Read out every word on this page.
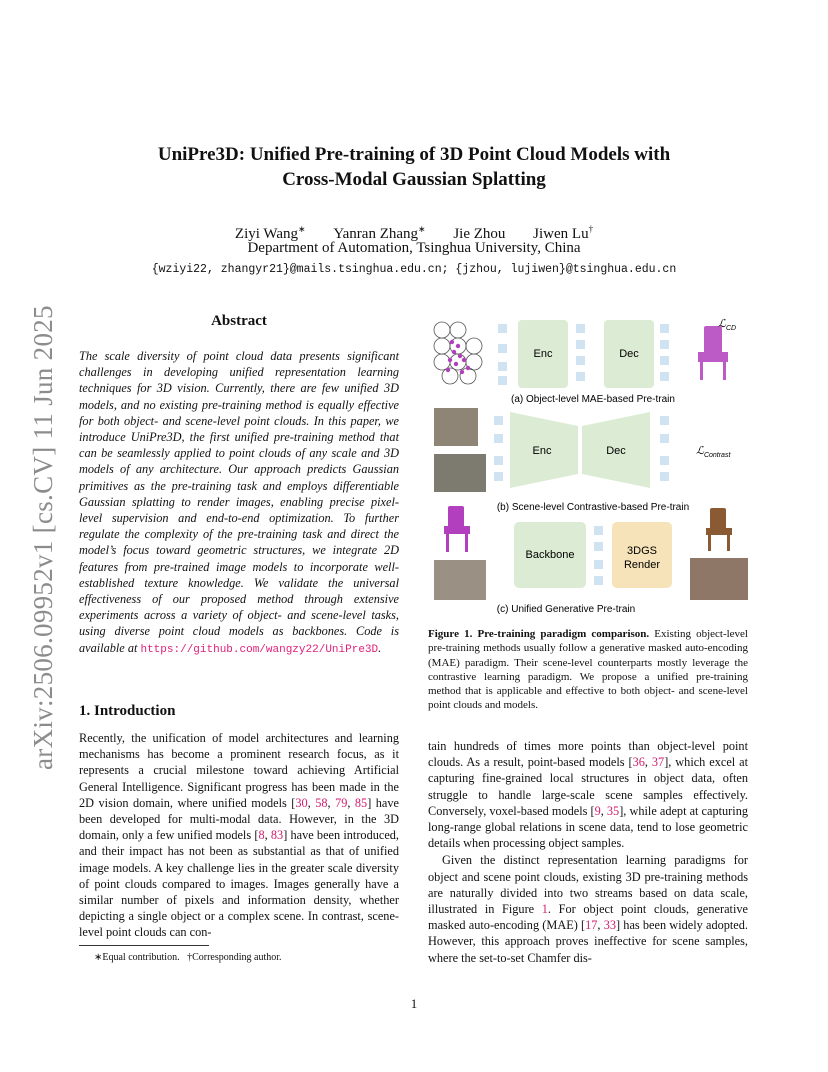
UniPre3D: Unified Pre-training of 3D Point Cloud Models with
Cross-Modal Gaussian Splatting
Ziyi Wang∗ Yanran Zhang∗ Jie Zhou Jiwen Lu†
Department of Automation, Tsinghua University, China
{wziyi22, zhangyr21}@mails.tsinghua.edu.cn; {jzhou, lujiwen}@tsinghua.edu.cn
arXiv:2506.09952v1 [cs.CV] 11 Jun 2025	Abstract
The scale diversity of point cloud data presents significant challenges in developing unified representation learning techniques for 3D vision. Currently, there are few unified 3D models, and no existing pre-training method is equally effective for both object- and scene-level point clouds. In this paper, we introduce UniPre3D, the first unified pre-training method that can be seamlessly applied to point clouds of any scale and 3D models of any architecture. Our approach predicts Gaussian primitives as the pre-training task and employs differentiable Gaussian splatting to render images, enabling precise pixel-level supervision and end-to-end optimization. To further regulate the complexity of the pre-training task and direct the model’s focus toward geometric structures, we integrate 2D features from pre-trained image models to incorporate well-established texture knowledge. We validate the universal effectiveness of our proposed method through extensive experiments across a variety of object- and scene-level tasks, using diverse point cloud models as backbones. Code is available at https://github.com/wangzy22/UniPre3D.
1. Introduction
Recently, the unification of model architectures and learning mechanisms has become a prominent research focus, as it represents a crucial milestone toward achieving Artificial General Intelligence. Significant progress has been made in the 2D vision domain, where unified models [30, 58, 79, 85] have been developed for multi-modal data. However, in the 3D domain, only a few unified models [8, 83] have been introduced, and their impact has not been as substantial as that of unified image models. A key challenge lies in the greater scale diversity of point clouds compared to images. Images generally have a similar number of pixels and information density, whether depicting a single object or a complex scene. In contrast, scene-level point clouds can con-
∗Equal contribution. †Corresponding author.
Enc	Dec
ℒ$_{CD}$
(a) Object-level MAE-based Pre-train
Enc	Dec	ℒ$_{Contrast}$
(b) Scene-level Contrastive-based Pre-train
Backbone	3DGS
Render
(c) Unified Generative Pre-train
Figure 1. Pre-training paradigm comparison. Existing object-level pre-training methods usually follow a generative masked auto-encoding (MAE) paradigm. Their scene-level counterparts mostly leverage the contrastive learning paradigm. We propose a unified pre-training method that is applicable and effective to both object- and scene-level point clouds and models.

tain hundreds of times more points than object-level point clouds. As a result, point-based models [36, 37], which excel at capturing fine-grained local structures in object data, often struggle to handle large-scale scene samples effectively. Conversely, voxel-based models [9, 35], while adept at capturing long-range global relations in scene data, tend to lose geometric details when processing object samples.

Given the distinct representation learning paradigms for object and scene point clouds, existing 3D pre-training methods are naturally divided into two streams based on data scale, illustrated in Figure 1. For object point clouds, generative masked auto-encoding (MAE) [17, 33] has been widely adopted. However, this approach proves ineffective for scene samples, where the set-to-set Chamfer dis-

1
